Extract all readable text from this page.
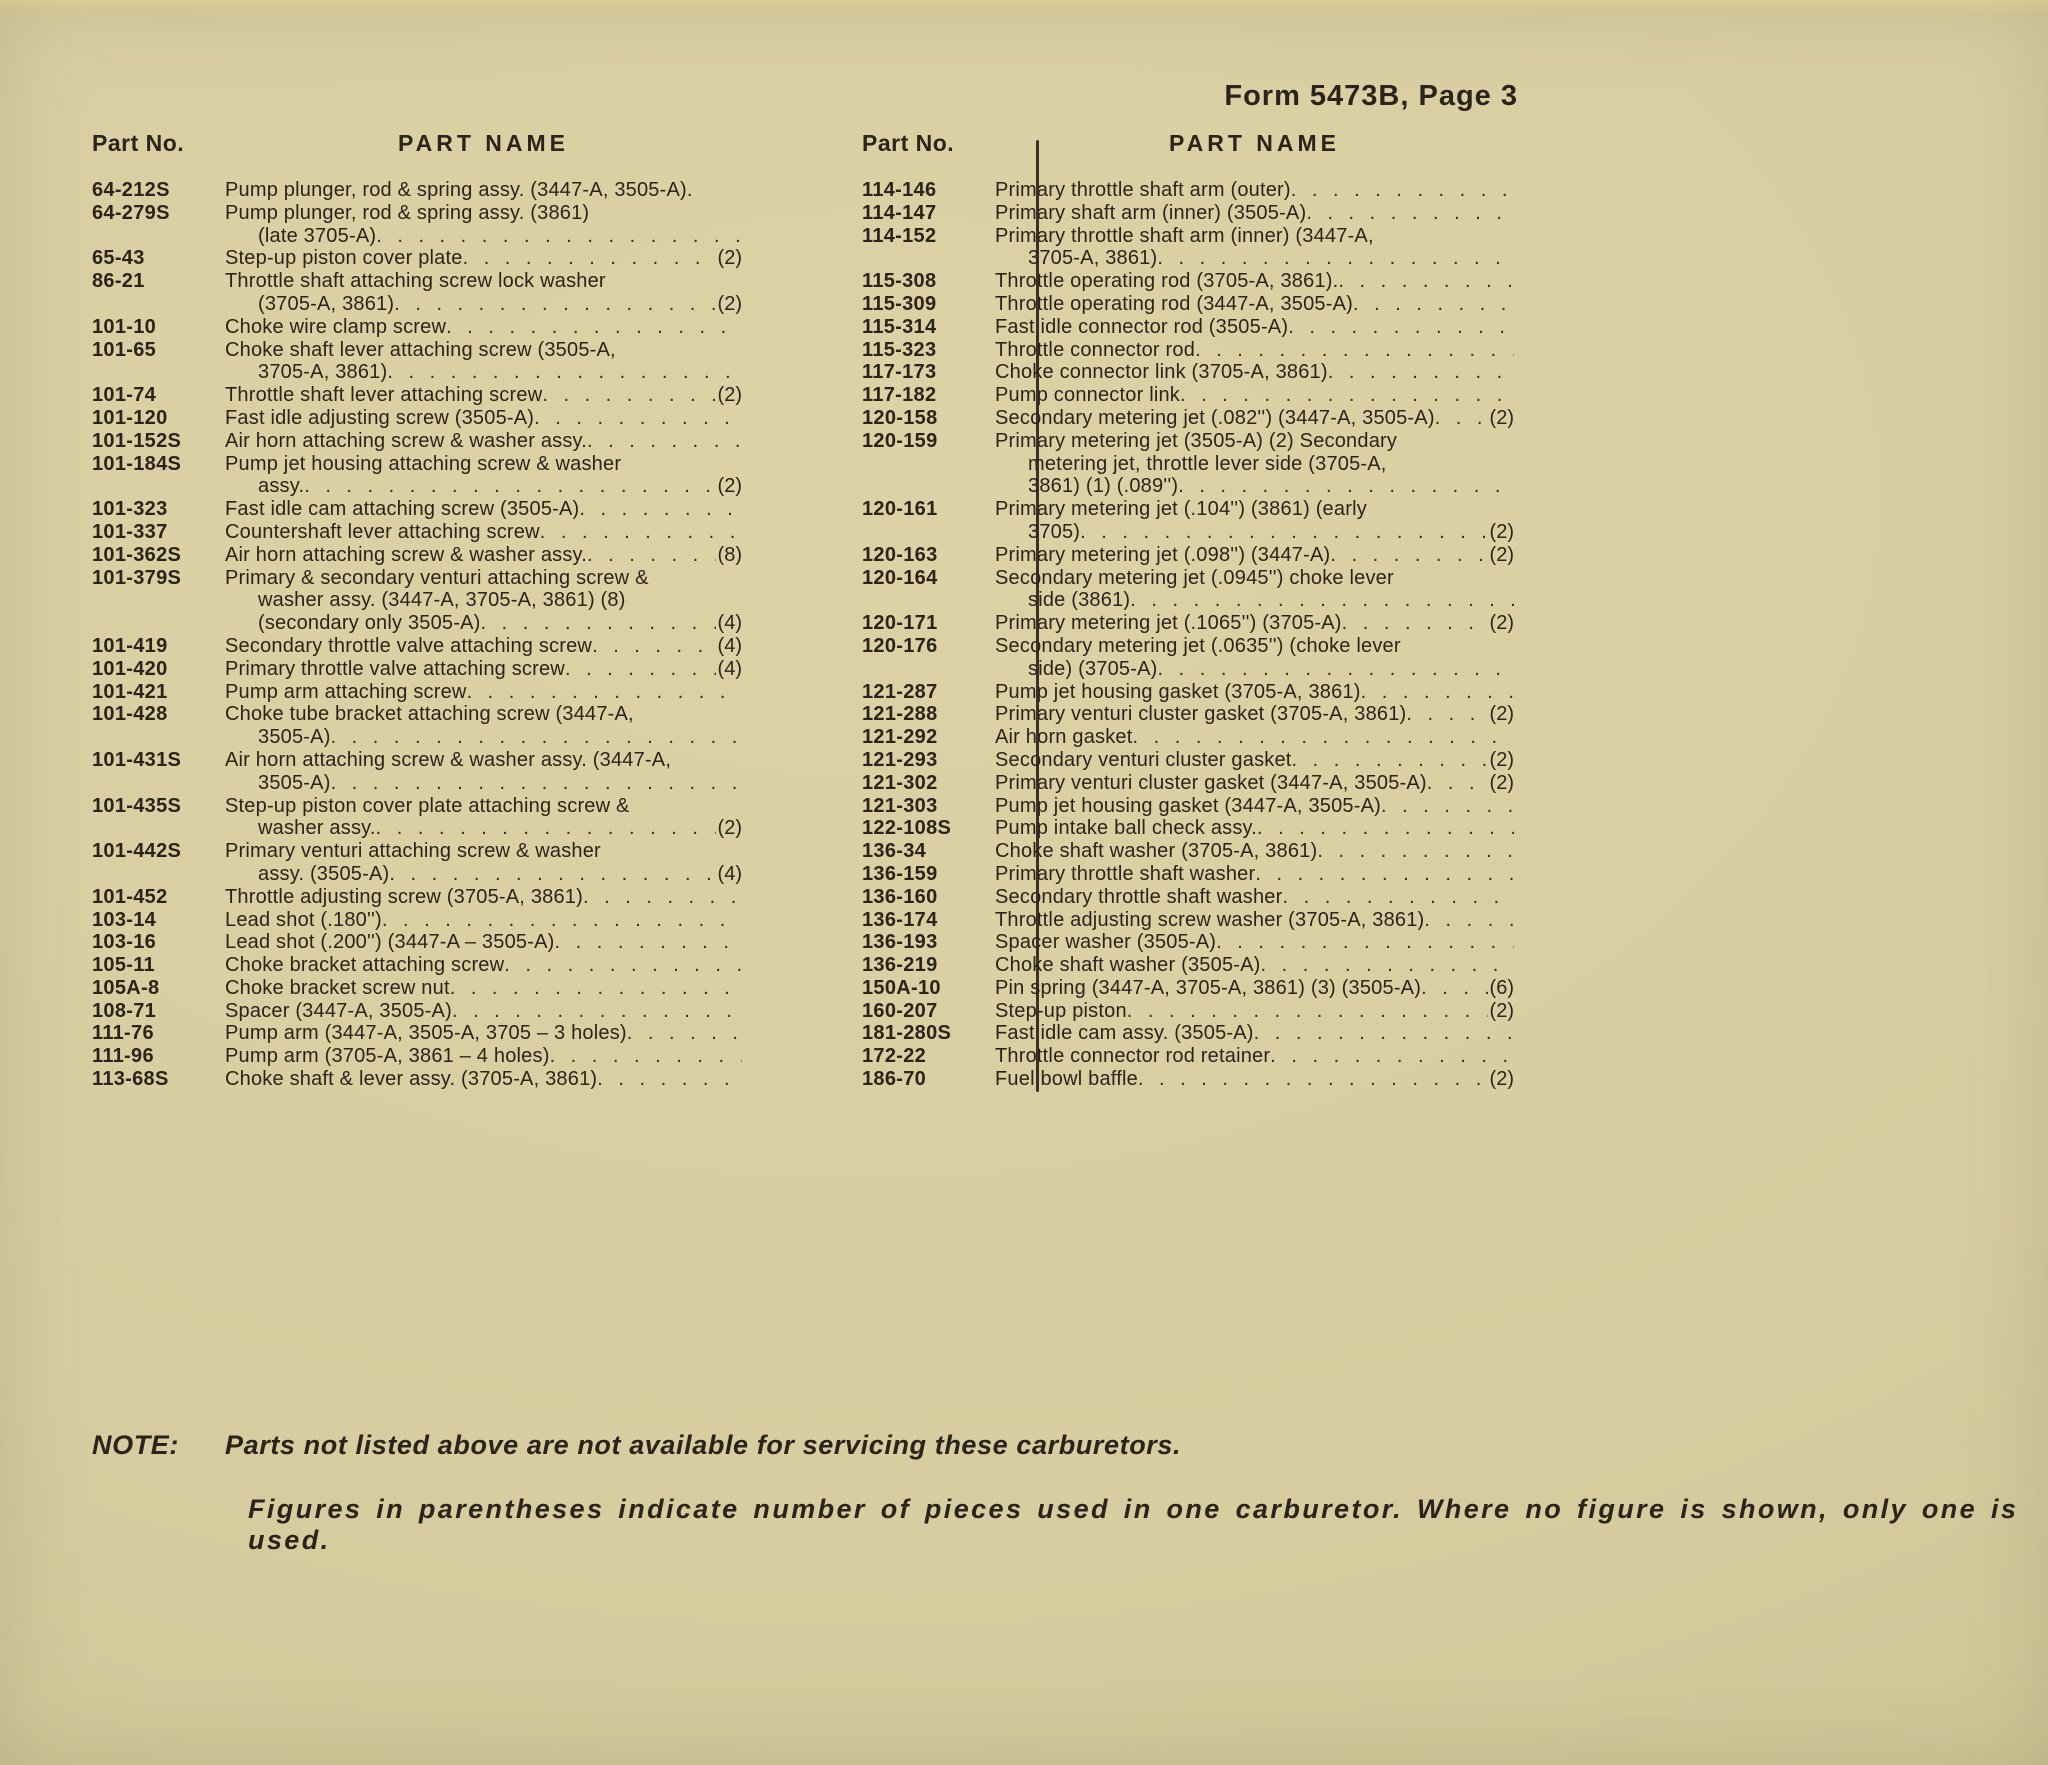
Form 5473B, Page 3
Part No.	PART NAME
64-212S	Pump plunger, rod & spring assy. (3447-A, 3505-A).
64-279S	Pump plunger, rod & spring assy. (3861)
(late 3705-A)
. . .
65-43	Step-up piston cover plate . . .	(2)
86-21	Throttle shaft attaching screw lock washer
(3705-A, 3861) . . .	(2)
101-10	Choke wire clamp screw
. . .
101-65	Choke shaft lever attaching screw (3505-A,
3705-A, 3861)
. . .
101-74	Throttle shaft lever attaching screw . . .	(2)
101-120	Fast idle adjusting screw (3505-A)
. . .
101-152S	Air horn attaching screw & washer assy.
. . .
101-184S	Pump jet housing attaching screw & washer
assy. . . .	(2)
101-323	Fast idle cam attaching screw (3505-A)
. . .
101-337	Countershaft lever attaching screw
. . .
101-362S	Air horn attaching screw & washer assy. . . .	(8)
101-379S	Primary & secondary venturi attaching screw &
washer assy. (3447-A, 3705-A, 3861) (8)
(secondary only 3505-A) . . .	(4)
101-419	Secondary throttle valve attaching screw . . .	(4)
101-420	Primary throttle valve attaching screw . . .	(4)
101-421	Pump arm attaching screw
. . .
101-428	Choke tube bracket attaching screw (3447-A,
3505-A)
. . .
101-431S	Air horn attaching screw & washer assy. (3447-A,
3505-A)
. . .
101-435S	Step-up piston cover plate attaching screw &
washer assy. . . .	(2)
101-442S	Primary venturi attaching screw & washer
assy. (3505-A) . . .	(4)
101-452	Throttle adjusting screw (3705-A, 3861)
. . .
103-14	Lead shot (.180'')
. . .
103-16	Lead shot (.200'') (3447-A – 3505-A)
. . .
105-11	Choke bracket attaching screw
. . .
105A-8	Choke bracket screw nut
. . .
108-71	Spacer (3447-A, 3505-A)
. . .
111-76	Pump arm (3447-A, 3505-A, 3705 – 3 holes)
. . .
111-96	Pump arm (3705-A, 3861 – 4 holes)
. . .
113-68S	Choke shaft & lever assy. (3705-A, 3861)
. . .
Part No.	PART NAME
114-146	Primary throttle shaft arm (outer)
. . .
114-147	Primary shaft arm (inner) (3505-A)
. . .
114-152	Primary throttle shaft arm (inner) (3447-A,
3705-A, 3861)
. . .
115-308	Throttle operating rod (3705-A, 3861).
. . .
115-309	Throttle operating rod (3447-A, 3505-A)
. . .
115-314	Fast idle connector rod (3505-A)
. . .
115-323	Throttle connector rod
. . .
117-173	Choke connector link (3705-A, 3861)
. . .
117-182	Pump connector link
. . .
120-158	Secondary metering jet (.082'') (3447-A, 3505-A) . . .	(2)
120-159	Primary metering jet (3505-A) (2) Secondary
metering jet, throttle lever side (3705-A,
3861) (1) (.089'')
. . .
120-161	Primary metering jet (.104'') (3861) (early
3705) . . .	(2)
120-163	Primary metering jet (.098'') (3447-A) . . .	(2)
120-164	Secondary metering jet (.0945'') choke lever
side (3861)
. . .
120-171	Primary metering jet (.1065'') (3705-A) . . .	(2)
120-176	Secondary metering jet (.0635'') (choke lever
side) (3705-A)
. . .
121-287	Pump jet housing gasket (3705-A, 3861)
. . .
121-288	Primary venturi cluster gasket (3705-A, 3861) . . .	(2)
121-292	Air horn gasket
. . .
121-293	Secondary venturi cluster gasket . . .	(2)
121-302	Primary venturi cluster gasket (3447-A, 3505-A) . . .	(2)
121-303	Pump jet housing gasket (3447-A, 3505-A)
. . .
122-108S	Pump intake ball check assy.
. . .
136-34	Choke shaft washer (3705-A, 3861)
. . .
136-159	Primary throttle shaft washer
. . .
136-160	Secondary throttle shaft washer
. . .
136-174	Throttle adjusting screw washer (3705-A, 3861)
. . .
136-193	Spacer washer (3505-A)
. . .
136-219	Choke shaft washer (3505-A)
. . .
150A-10	Pin spring (3447-A, 3705-A, 3861) (3) (3505-A) . . .	(6)
160-207	Step-up piston . . .	(2)
181-280S	Fast idle cam assy. (3505-A)
. . .
172-22	Throttle connector rod retainer
. . .
186-70	Fuel bowl baffle . . .	(2)
NOTE: Parts not listed above are not available for servicing these carburetors.
Figures in parentheses indicate number of pieces used in one carburetor. Where no figure is shown, only one is used.
